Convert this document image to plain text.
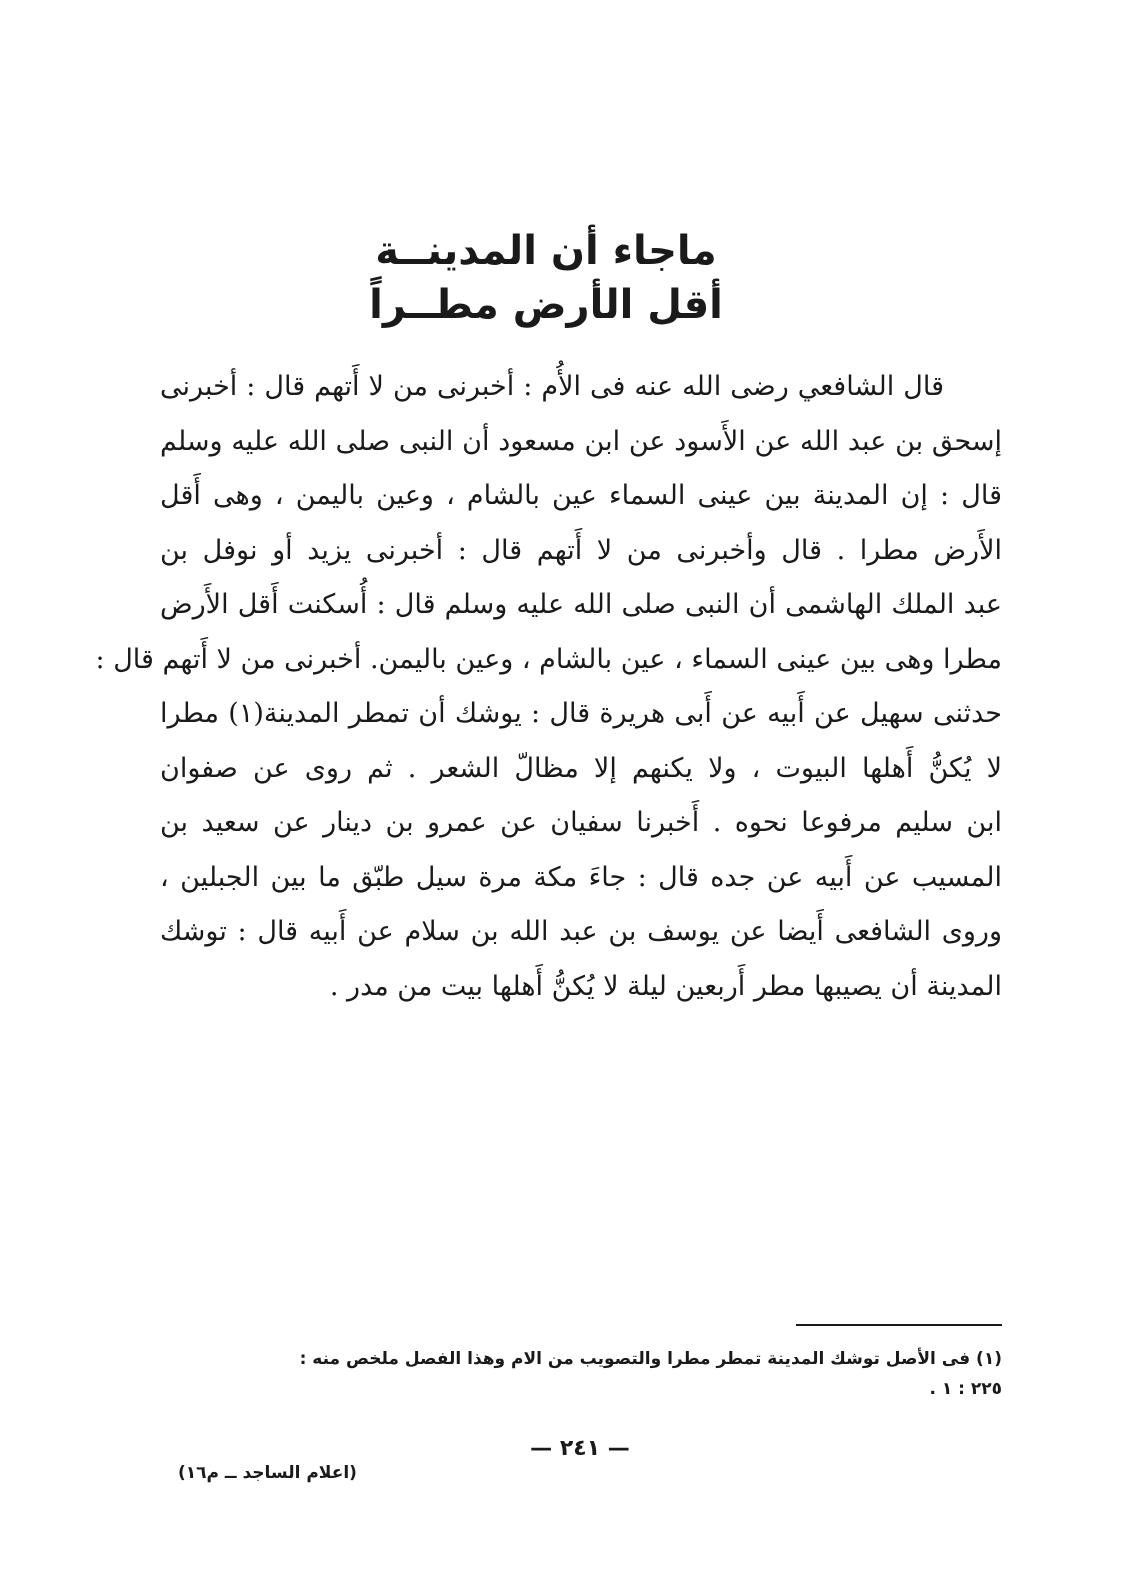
ماجاء أن المدينــة
أقل الأرض مطــراً
قال الشافعي رضى الله عنه فى الأُم : أخبرنى من لا أَتهم قال : أخبرنى
إسحق بن عبد الله عن الأَسود عن ابن مسعود أن النبى صلى الله عليه وسلم
قال : إن المدينة بين عينى السماء عين بالشام ، وعين باليمن ، وهى أَقل
الأَرض مطرا . قال وأخبرنى من لا أَتهم قال : أخبرنى يزيد أو نوفل بن
عبد الملك الهاشمى أن النبى صلى الله عليه وسلم قال : أُسكنت أَقل الأَرض
مطرا وهى بين عينى السماء ، عين بالشام ، وعين باليمن. أخبرنى من لا أَتهم قال :
حدثنى سهيل عن أَبيه عن أَبى هريرة قال : يوشك أن تمطر المدينة(١) مطرا
لا يُكنُّ أَهلها البيوت ، ولا يكنهم إلا مظالّ الشعر . ثم روى عن صفوان
ابن سليم مرفوعا نحوه . أَخبرنا سفيان عن عمرو بن دينار عن سعيد بن
المسيب عن أَبيه عن جده قال : جاءَ مكة مرة سيل طبّق ما بين الجبلين ،
وروى الشافعى أَيضا عن يوسف بن عبد الله بن سلام عن أَبيه قال : توشك
المدينة أن يصيبها مطر أَربعين ليلة لا يُكنُّ أَهلها بيت من مدر .
(١) فى الأصل توشك المدينة تمطر مطرا والتصويب من الام وهذا الفصل ملخص منه :
٢٢٥ : ١ .
— ٢٤١ —
(اعلام الساجد ــ م١٦)
